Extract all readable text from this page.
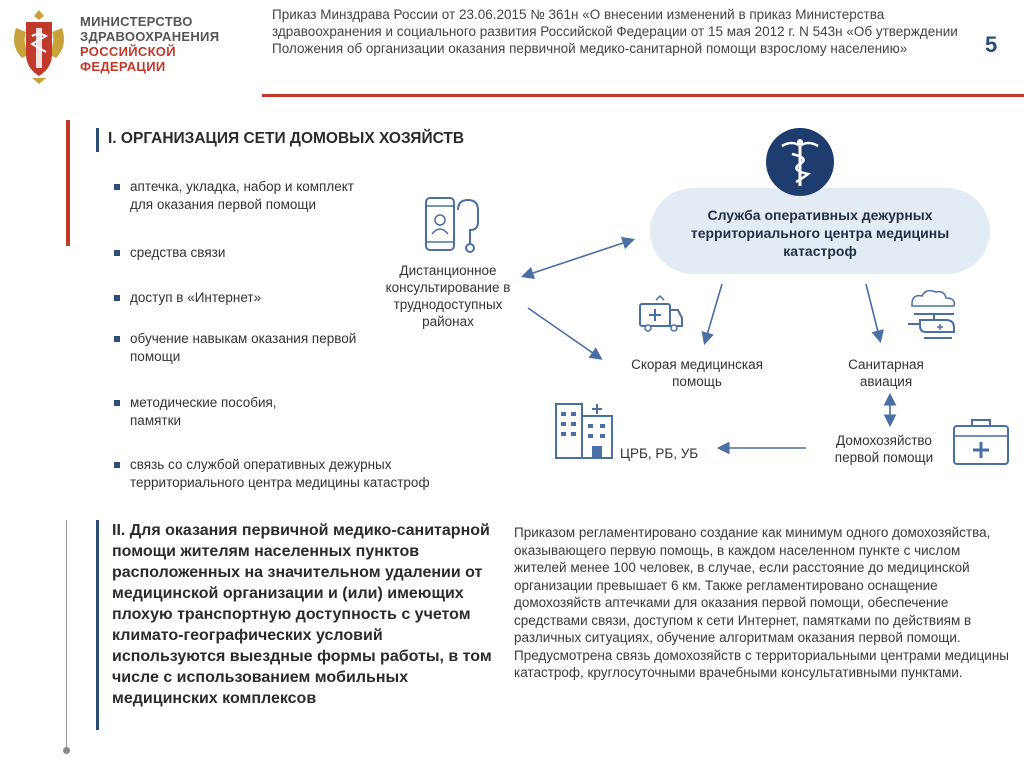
МИНИСТЕРСТВО
ЗДРАВООХРАНЕНИЯ
РОССИЙСКОЙ ФЕДЕРАЦИИ
Приказ Минздрава России от 23.06.2015 № 361н «О внесении изменений в приказ Министерства здравоохранения и социального развития Российской Федерации от 15 мая 2012 г. N 543н «Об утверждении Положения об организации оказания первичной медико-санитарной помощи взрослому населению»	5
I. ОРГАНИЗАЦИЯ СЕТИ ДОМОВЫХ ХОЗЯЙСТВ
аптечка, укладка, набор и комплект для оказания первой помощи
средства связи
доступ в «Интернет»
обучение навыкам оказания первой помощи
методические пособия, памятки
связь со службой оперативных дежурных территориального центра медицины катастроф
Служба оперативных дежурных территориального центра медицины катастроф
Дистанционное консультирование в труднодоступных районах
Скорая медицинская помощь
Санитарная авиация
ЦРБ, РБ, УБ
Домохозяйство первой помощи
II. Для оказания первичной медико-санитарной помощи жителям населенных пунктов расположенных на значительном удалении от медицинской организации и (или) имеющих плохую транспортную доступность с учетом климато-географических условий используются выездные формы работы, в том числе с использованием мобильных медицинских комплексов
Приказом регламентировано создание как минимум одного домохозяйства, оказывающего первую помощь, в каждом населенном пункте с числом жителей менее 100 человек, в случае, если расстояние до медицинской организации превышает 6 км. Также регламентировано оснащение домохозяйств аптечками для оказания первой помощи, обеспечение средствами связи, доступом к сети Интернет, памятками по действиям в различных ситуациях, обучение алгоритмам оказания первой помощи. Предусмотрена связь домохозяйств с территориальными центрами медицины катастроф, круглосуточными врачебными консультативными пунктами.
